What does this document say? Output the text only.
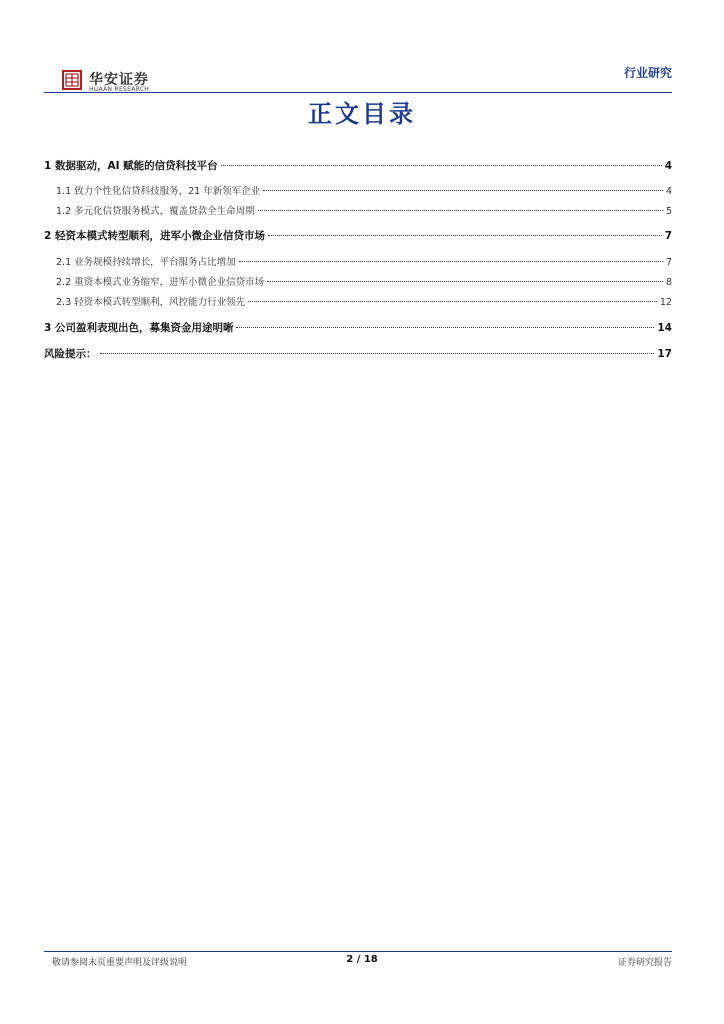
华安证券
HUAAN RESEARCH
行业研究
正文目录
1 数据驱动，AI 赋能的信贷科技平台	4
1.1 致力个性化信贷科技服务，21 年新领军企业	4
1.2 多元化信贷服务模式，覆盖贷款全生命周期	5
2 轻资本模式转型顺利，进军小微企业信贷市场	7
2.1 业务规模持续增长，平台服务占比增加	7
2.2 重资本模式业务缩窄，进军小微企业信贷市场	8
2.3 轻资本模式转型顺利，风控能力行业领先	12
3 公司盈利表现出色，募集资金用途明晰	14
风险提示：	17
敬请参阅末页重要声明及评级说明	2 / 18	证券研究报告
